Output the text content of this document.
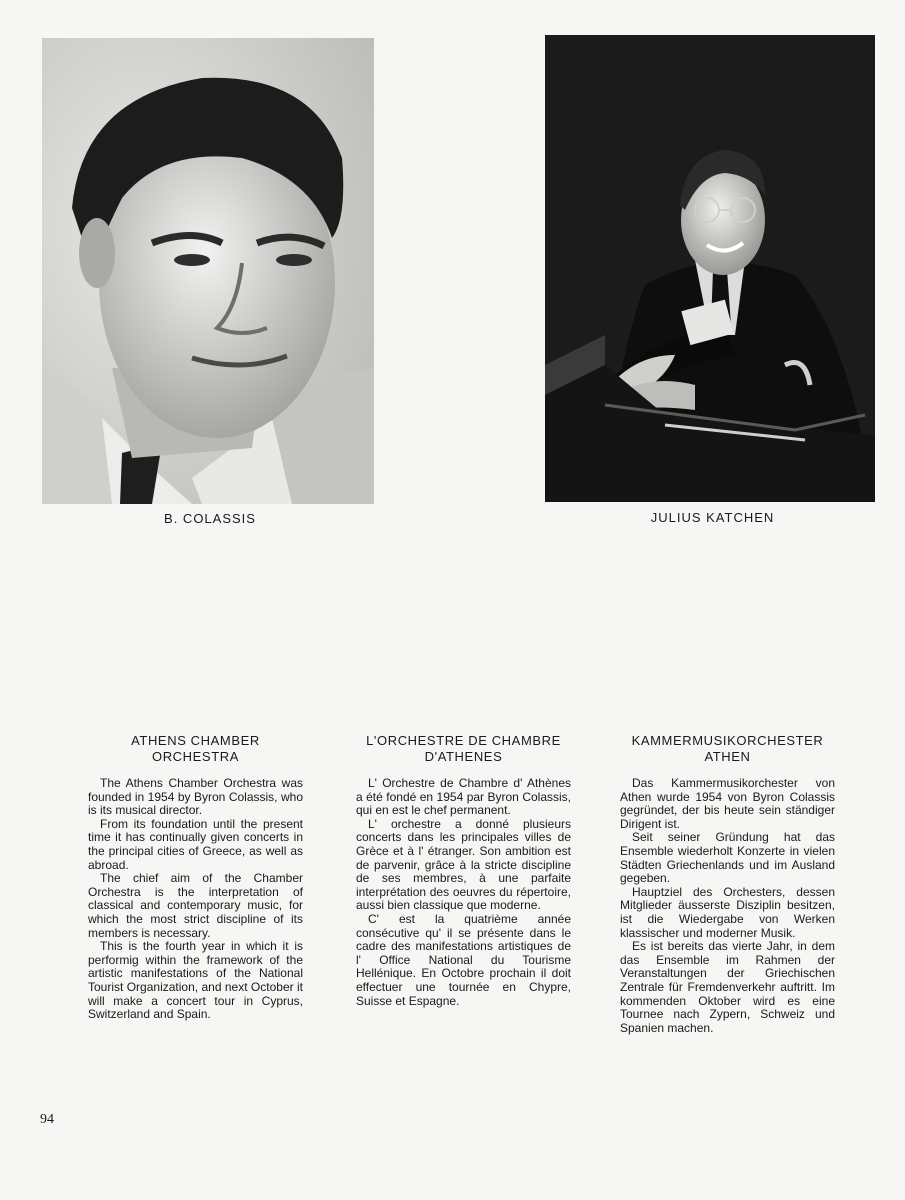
B. COLASSIS	JULIUS KATCHEN
ATHENS CHAMBER
ORCHESTRA

The Athens Chamber Orchestra was founded in 1954 by Byron Colassis, who is its musical director.

From its foundation until the present time it has continually given concerts in the principal cities of Greece, as well as abroad.

The chief aim of the Chamber Orchestra is the interpretation of classical and contemporary music, for which the most strict discipline of its members is necessary.

This is the fourth year in which it is performig within the framework of the artistic manifestations of the National Tourist Organization, and next October it will make a concert tour in Cyprus, Switzerland and Spain.

L'ORCHESTRE DE CHAMBRE
D'ATHENES

L' Orchestre de Chambre d' Athènes a été fondé en 1954 par Byron Colassis, qui en est le chef permanent.

L' orchestre a donné plusieurs concerts dans les principales villes de Grèce et à l' étranger. Son ambition est de parvenir, grâce à la stricte discipline de ses membres, à une parfaite interprétation des oeuvres du répertoire, aussi bien classique que moderne.

C' est la quatrième année consécutive qu' il se présente dans le cadre des manifestations artistiques de l' Office National du Tourisme Hellénique. En Octobre prochain il doit effectuer une tournée en Chypre, Suisse et Espagne.

KAMMERMUSIKORCHESTER
ATHEN

Das Kammermusikorchester von Athen wurde 1954 von Byron Colassis gegründet, der bis heute sein ständiger Dirigent ist.

Seit seiner Gründung hat das Ensemble wiederholt Konzerte in vielen Städten Griechenlands und im Ausland gegeben.

Hauptziel des Orchesters, dessen Mitglieder äusserste Disziplin besitzen, ist die Wiedergabe von Werken klassischer und moderner Musik.

Es ist bereits das vierte Jahr, in dem das Ensemble im Rahmen der Veranstaltungen der Griechischen Zentrale für Fremdenverkehr auftritt. Im kommenden Oktober wird es eine Tournee nach Zypern, Schweiz und Spanien machen.

94
